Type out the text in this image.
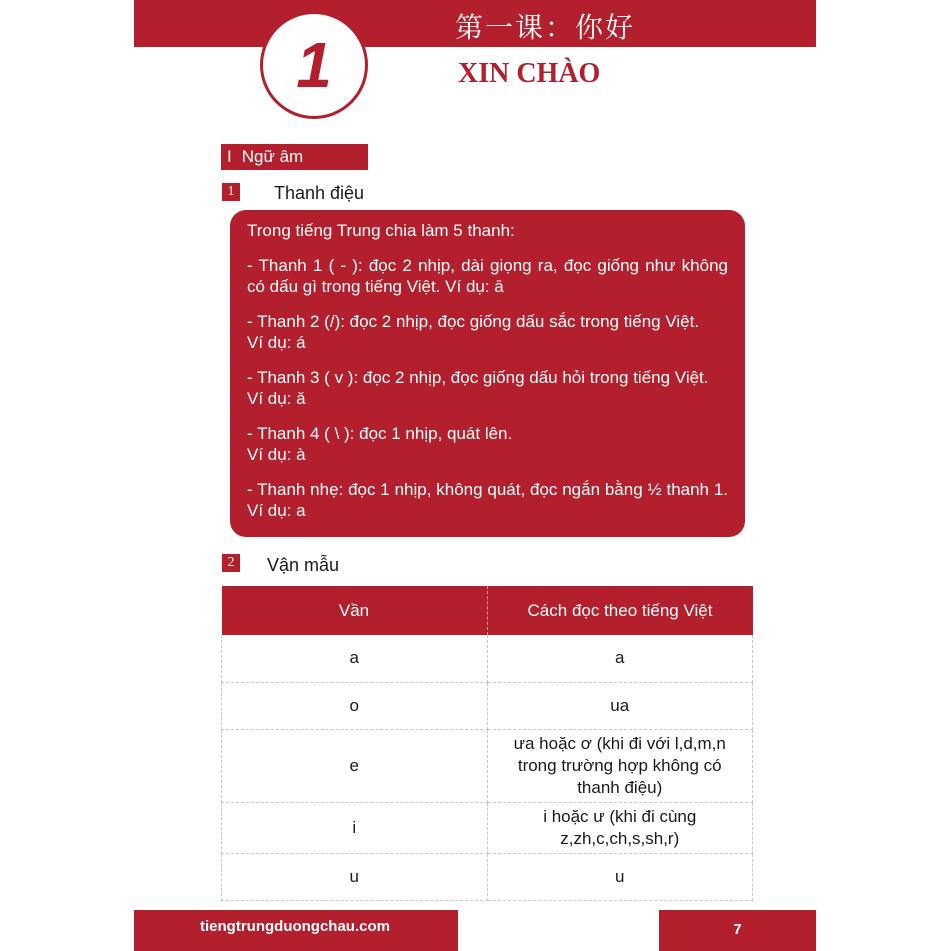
1
第一课：你好
XIN CHÀO
I Ngữ âm
1	Thanh điệu

Trong tiếng Trung chia làm 5 thanh:

- Thanh 1 ( - ): đọc 2 nhịp, dài giọng ra, đọc giống như không có dấu gì trong tiếng Việt. Ví dụ: ā

- Thanh 2 (/): đọc 2 nhịp, đọc giống dấu sắc trong tiếng Việt.
Ví dụ: á

- Thanh 3 ( v ): đọc 2 nhịp, đọc giống dấu hỏi trong tiếng Việt.
Ví dụ: ǎ

- Thanh 4 ( \ ): đọc 1 nhịp, quát lên.
Ví dụ: à

- Thanh nhẹ: đọc 1 nhịp, không quát, đọc ngắn bằng ½ thanh 1. Ví dụ: a

2	Vận mẫu
Vần	Cách đọc theo tiếng Việt
a	a
o	ua
e	ưa hoặc ơ (khi đi với l,d,m,n trong trường hợp không có thanh điệu)
i	i hoặc ư (khi đi cùng z,zh,c,ch,s,sh,r)
u	u
tiengtrungduongchau.com	7
